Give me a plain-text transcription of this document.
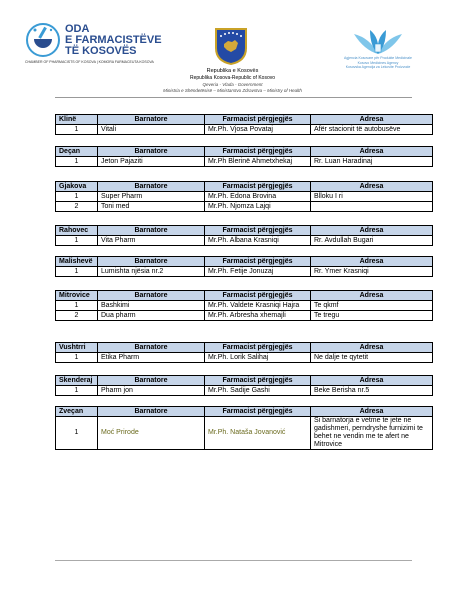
ODA
E FARMACISTËVE
TË KOSOVËS
CHAMBER OF PHARMACISTS OF KOSOVA | KOMORA FARMACEUTA KOSOVA
Republika e Kosovës
Republika Kosova-Republic of Kosovo
Qeveria - Vlada - Government
Ministria e Shëndetësisë – Ministarstvo Zdravstva – Ministry of Health
Agjencia Kosovare për Produkte Medicinale
Kosovo Medicines Agency
Kosovska Agencija za Lekovite Proizvode
Klinë	Barnatore	Farmacist përgjegjës	Adresa
1	Vitali	Mr.Ph. Vjosa Povataj	Afër stacionit të autobusëve
Deçan	Barnatore	Farmacist përgjegjës	Adresa
1	Jeton Pajaziti	Mr.Ph Blerinë Ahmetxhekaj	Rr. Luan Haradinaj
Gjakova	Barnatore	Farmacist përgjegjës	Adresa
1	Super Pharm	Mr.Ph. Edona Brovina	Blloku I ri
2	Toni med	Mr.Ph. Njomza Lajqi	
Rahovec	Barnatore	Farmacist përgjegjës	Adresa
1	Vita Pharm	Mr.Ph. Albana Krasniqi	Rr. Avdullah Bugari
Malishevë	Barnatore	Farmacist përgjegjës	Adresa
1	Lumishta njësia nr.2	Mr.Ph. Fetije Jonuzaj	Rr. Ymer Krasniqi
Mitrovice	Barnatore	Farmacist përgjegjës	Adresa
1	Bashkimi	Mr.Ph. Valdete Krasniqi Hajra	Te qkmf
2	Dua pharm	Mr.Ph. Arbresha xhemajli	Te tregu
Vushtrri	Barnatore	Farmacist përgjegjës	Adresa
1	Etika Pharm	Mr.Ph. Lorik Salihaj	Ne dalje te qytetit
Skenderaj	Barnatore	Farmacist përgjegjës	Adresa
1	Pharm jon	Mr.Ph. Sadije Gashi	Beke Berisha nr.5
Zveçan	Barnatore	Farmacist përgjegjës	Adresa
1	Moć Prirode	Mr.Ph. Nataša Jovanović	Si barnatorja e vetme te jete ne gadishmeri, perndryshe furnizimi te behet ne vendin me te afert ne Mitrovice
